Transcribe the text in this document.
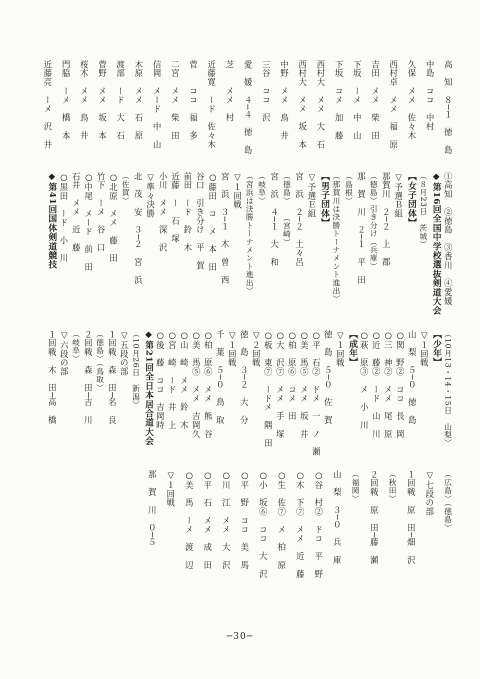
高　知　８─１　徳　島
中島　ココ　中村
久保　メメ　佐々木
西村卓　メメ　福　原
吉田　メメ　柴　田
下坂　ーメ　中　山
下坂　コメ　加　藤
西村大　メメ　大　石
西村大　メメ　坂　本
中野　メメ　鳥　井
三谷　ココ　沢
愛　媛　４─４　徳　島
芝　　メメ　村
近藤寛　ード　佐々木
菅　　ココ　福　多
二宮　メメ　柴　田
信岡　メード　中　山
木原　メメ　石　原
渡部　ード　大　石
菅野　メメ　坂　本
桜木　メメ　鳥　井
門脇　ーメ　橋　本
近藤亮　ーメ　沢　井
①高知　②徳島　③香川　④愛媛
◆第16回全国中学校選抜剣道大会
（８月23日　茨城）
【女子団体】
▽予選Ｂ組
那賀川　２─２　上　郡
（徳島）引き分け（兵庫）
那　賀　川　２─１　平　田
（島根）
（那賀川は決勝トーナメント進出）
【男子団体】
▽予選Ｅ組
宮　浜　２─２　土々呂
（徳島）　　（宮崎）
宮　浜　４─１　大　和
（岐阜）
（宮浜は決勝トーナメント進出）
▽１回戦
宮　浜　３─１　木　曽　西
○藤田　コ　メ　本　田
谷口　引き分け　平　賀
前田　ード　鈴　木
近藤　ー　石　塚
小川　メメ　深　沢
▽準々決勝
北　茂　安　３─２　宮　浜
（佐賀）
○北原　メメ　藤　田
竹下　ーメ　谷　口
○中尾　メード　前　田
石井　メメ　近　藤
○黒田　ード　小　川
◆第41回国体剣道競技
（10月13・14・15日　山梨）
【少年】
▽１回戦
山　梨　５─０　徳　島
○関　野②　ココ　長　岡
○三　神②　メメ　尾　原
○近　藤②　ード　山　川
○萩　原③　メ　小　川
【成年】
▽１回戦
徳　島　５─０　佐　賀
○平　石②　ドメ　一　ノ　瀬
○美　馬⑤　メメ　坂　井
○柏　原⑥　コメ　田
○大　沢⑦　メメ　手　塚
○板　東⑦　ードメ　隅　田
▽２回戦
徳　島　３─２　大　分
▽１回戦
千　葉　５─０　鳥　取
○柏　原⑥　メメ　熊　谷
○美　馬⑤　メメ　吉岡久
○山　崎　メメ　鈴　木
○宮　崎　ード　井　上
○後　藤　ココ　吉岡時
◆第21回全日本居合道大会
（10月26日　新潟）
▽五段の部
１回戦　森　田─名　良
（徳島）（鳥取）
２回戦　森　田─吉　川
（岐阜）
▽六段の部
１回戦　木　田─高　橋
（広島）（徳島）
▽七段の部
１回戦　原　田─畑　沢
（秋田）
２回戦　原　田─藤　瀬
（福岡）
山　梨　３─０　兵　庫
○谷　村②　ドコ　平　野
○木　下⑦　メメ　近　藤
○生　佐⑦　メ　柏　原
○小　坂⑥　ココ　大　沢
○平　野　ココ　美　馬
○川　江　メメ　大　沢
○平　石　メメ　成　田
○美　馬　ーメ　渡　辺
▽１回戦
那　賀　川　０─５
─30─
